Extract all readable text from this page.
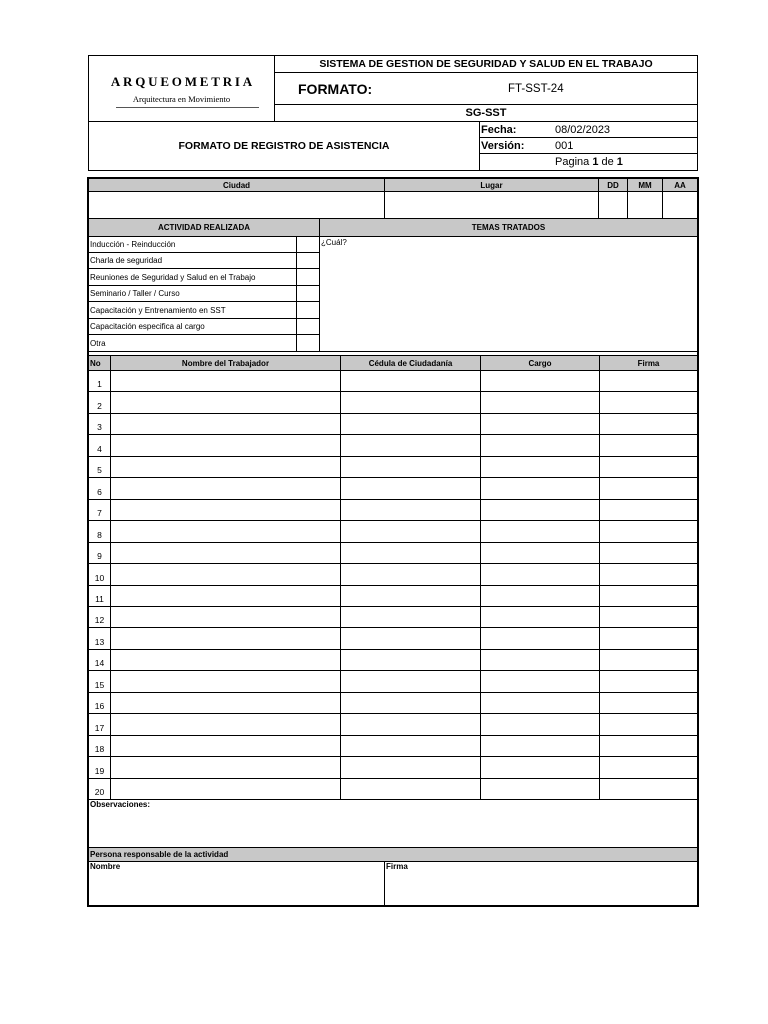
ARQUEOMETRIA
Arquitectura en Movimiento
SISTEMA DE GESTION DE SEGURIDAD Y SALUD EN EL TRABAJO
FORMATO:	FT-SST-24
SG-SST
FORMATO DE REGISTRO DE ASISTENCIA
Fecha:	08/02/2023
Versión:	001
Pagina 1 de 1
Ciudad	Lugar	DD MM	AA
ACTIVIDAD REALIZADA	TEMAS TRATADOS
Inducción - Reinducción
Charla de seguridad
Reuniones de Seguridad y Salud en el Trabajo
Seminario / Taller / Curso
Capacitación y Entrenamiento en SST
Capacitación especifica al cargo
Otra
¿Cuál?
No	Nombre del Trabajador	Cédula de Ciudadanía	Cargo	Firma
1
2
3
4
5
6
7
8
9
10
11
12
13
14
15
16
17
18
19
20
Observaciones:
Persona responsable de la actividad
Nombre	Firma
